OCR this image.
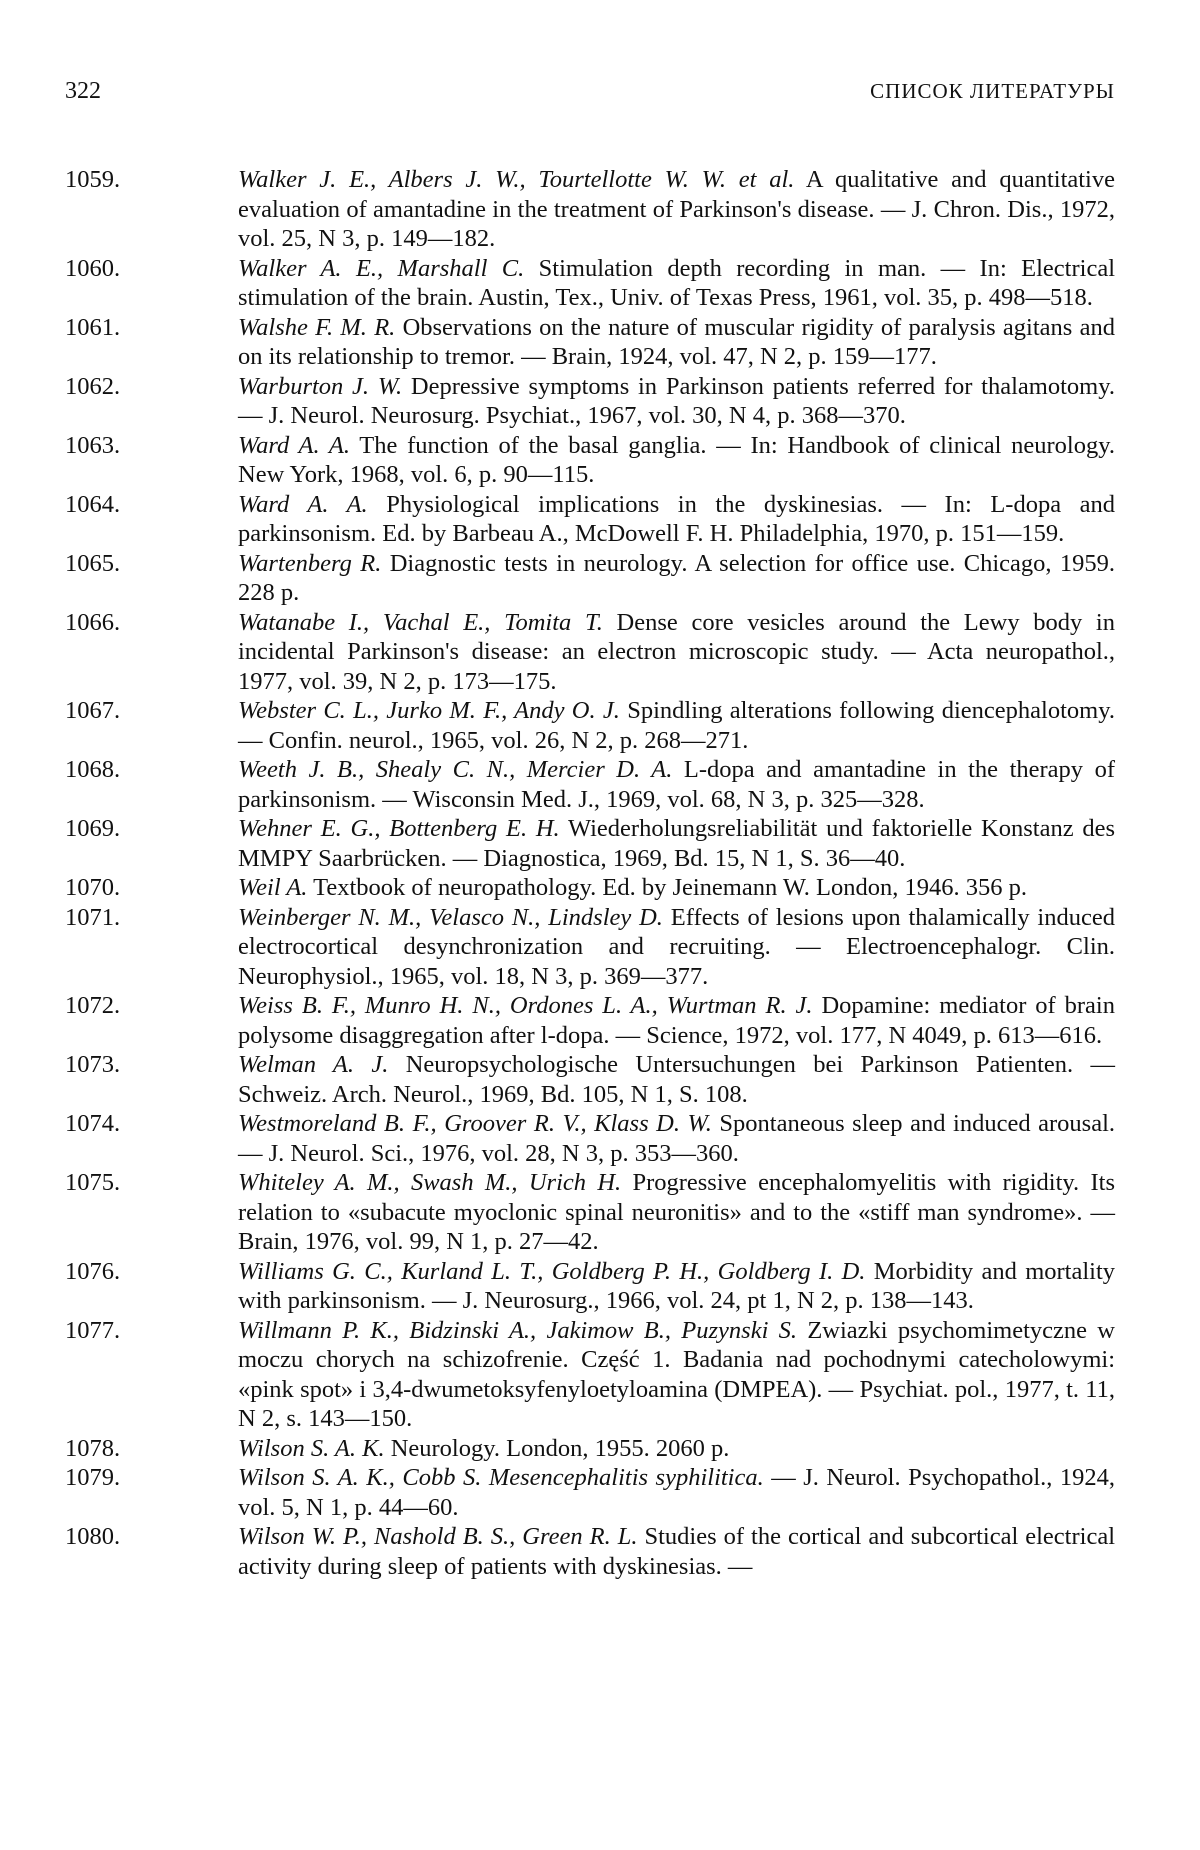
322	СПИСОК ЛИТЕРАТУРЫ
1059.	Walker J. E., Albers J. W., Tourtellotte W. W. et al. A qualitative and quantitative evaluation of amantadine in the treatment of Parkinson's disease. — J. Chron. Dis., 1972, vol. 25, N 3, p. 149—182.
1060.	Walker A. E., Marshall C. Stimulation depth recording in man. — In: Electrical stimulation of the brain. Austin, Tex., Univ. of Texas Press, 1961, vol. 35, p. 498—518.
1061.	Walshe F. M. R. Observations on the nature of muscular rigidity of paralysis agitans and on its relationship to tremor. — Brain, 1924, vol. 47, N 2, p. 159—177.
1062.	Warburton J. W. Depressive symptoms in Parkinson patients referred for thalamotomy. — J. Neurol. Neurosurg. Psychiat., 1967, vol. 30, N 4, p. 368—370.
1063.	Ward A. A. The function of the basal ganglia. — In: Handbook of clinical neurology. New York, 1968, vol. 6, p. 90—115.
1064.	Ward A. A. Physiological implications in the dyskinesias. — In: L-dopa and parkinsonism. Ed. by Barbeau A., McDowell F. H. Philadelphia, 1970, p. 151—159.
1065.	Wartenberg R. Diagnostic tests in neurology. A selection for office use. Chicago, 1959. 228 p.
1066.	Watanabe I., Vachal E., Tomita T. Dense core vesicles around the Lewy body in incidental Parkinson's disease: an electron microscopic study. — Acta neuropathol., 1977, vol. 39, N 2, p. 173—175.
1067.	Webster C. L., Jurko M. F., Andy O. J. Spindling alterations following diencephalotomy. — Confin. neurol., 1965, vol. 26, N 2, p. 268—271.
1068.	Weeth J. B., Shealy C. N., Mercier D. A. L-dopa and amantadine in the therapy of parkinsonism. — Wisconsin Med. J., 1969, vol. 68, N 3, p. 325—328.
1069.	Wehner E. G., Bottenberg E. H. Wiederholungsreliabilität und faktorielle Konstanz des MMPY Saarbrücken. — Diagnostica, 1969, Bd. 15, N 1, S. 36—40.
1070.	Weil A. Textbook of neuropathology. Ed. by Jeinemann W. London, 1946. 356 p.
1071.	Weinberger N. M., Velasco N., Lindsley D. Effects of lesions upon thalamically induced electrocortical desynchronization and recruiting. — Electroencephalogr. Clin. Neurophysiol., 1965, vol. 18, N 3, p. 369—377.
1072.	Weiss B. F., Munro H. N., Ordones L. A., Wurtman R. J. Dopamine: mediator of brain polysome disaggregation after l-dopa. — Science, 1972, vol. 177, N 4049, p. 613—616.
1073.	Welman A. J. Neuropsychologische Untersuchungen bei Parkinson Patienten. — Schweiz. Arch. Neurol., 1969, Bd. 105, N 1, S. 108.
1074.	Westmoreland B. F., Groover R. V., Klass D. W. Spontaneous sleep and induced arousal. — J. Neurol. Sci., 1976, vol. 28, N 3, p. 353—360.
1075.	Whiteley A. M., Swash M., Urich H. Progressive encephalomyelitis with rigidity. Its relation to «subacute myoclonic spinal neuronitis» and to the «stiff man syndrome». — Brain, 1976, vol. 99, N 1, p. 27—42.
1076.	Williams G. C., Kurland L. T., Goldberg P. H., Goldberg I. D. Morbidity and mortality with parkinsonism. — J. Neurosurg., 1966, vol. 24, pt 1, N 2, p. 138—143.
1077.	Willmann P. K., Bidzinski A., Jakimow B., Puzynski S. Zwiazki psychomimetyczne w moczu chorych na schizofrenie. Część 1. Badania nad pochodnymi catecholowymi: «pink spot» i 3,4-dwumetoksyfenyloetyloamina (DMPEA). — Psychiat. pol., 1977, t. 11, N 2, s. 143—150.
1078.	Wilson S. A. K. Neurology. London, 1955. 2060 p.
1079.	Wilson S. A. K., Cobb S. Mesencephalitis syphilitica. — J. Neurol. Psychopathol., 1924, vol. 5, N 1, p. 44—60.
1080.	Wilson W. P., Nashold B. S., Green R. L. Studies of the cortical and subcortical electrical activity during sleep of patients with dyskinesias. —
